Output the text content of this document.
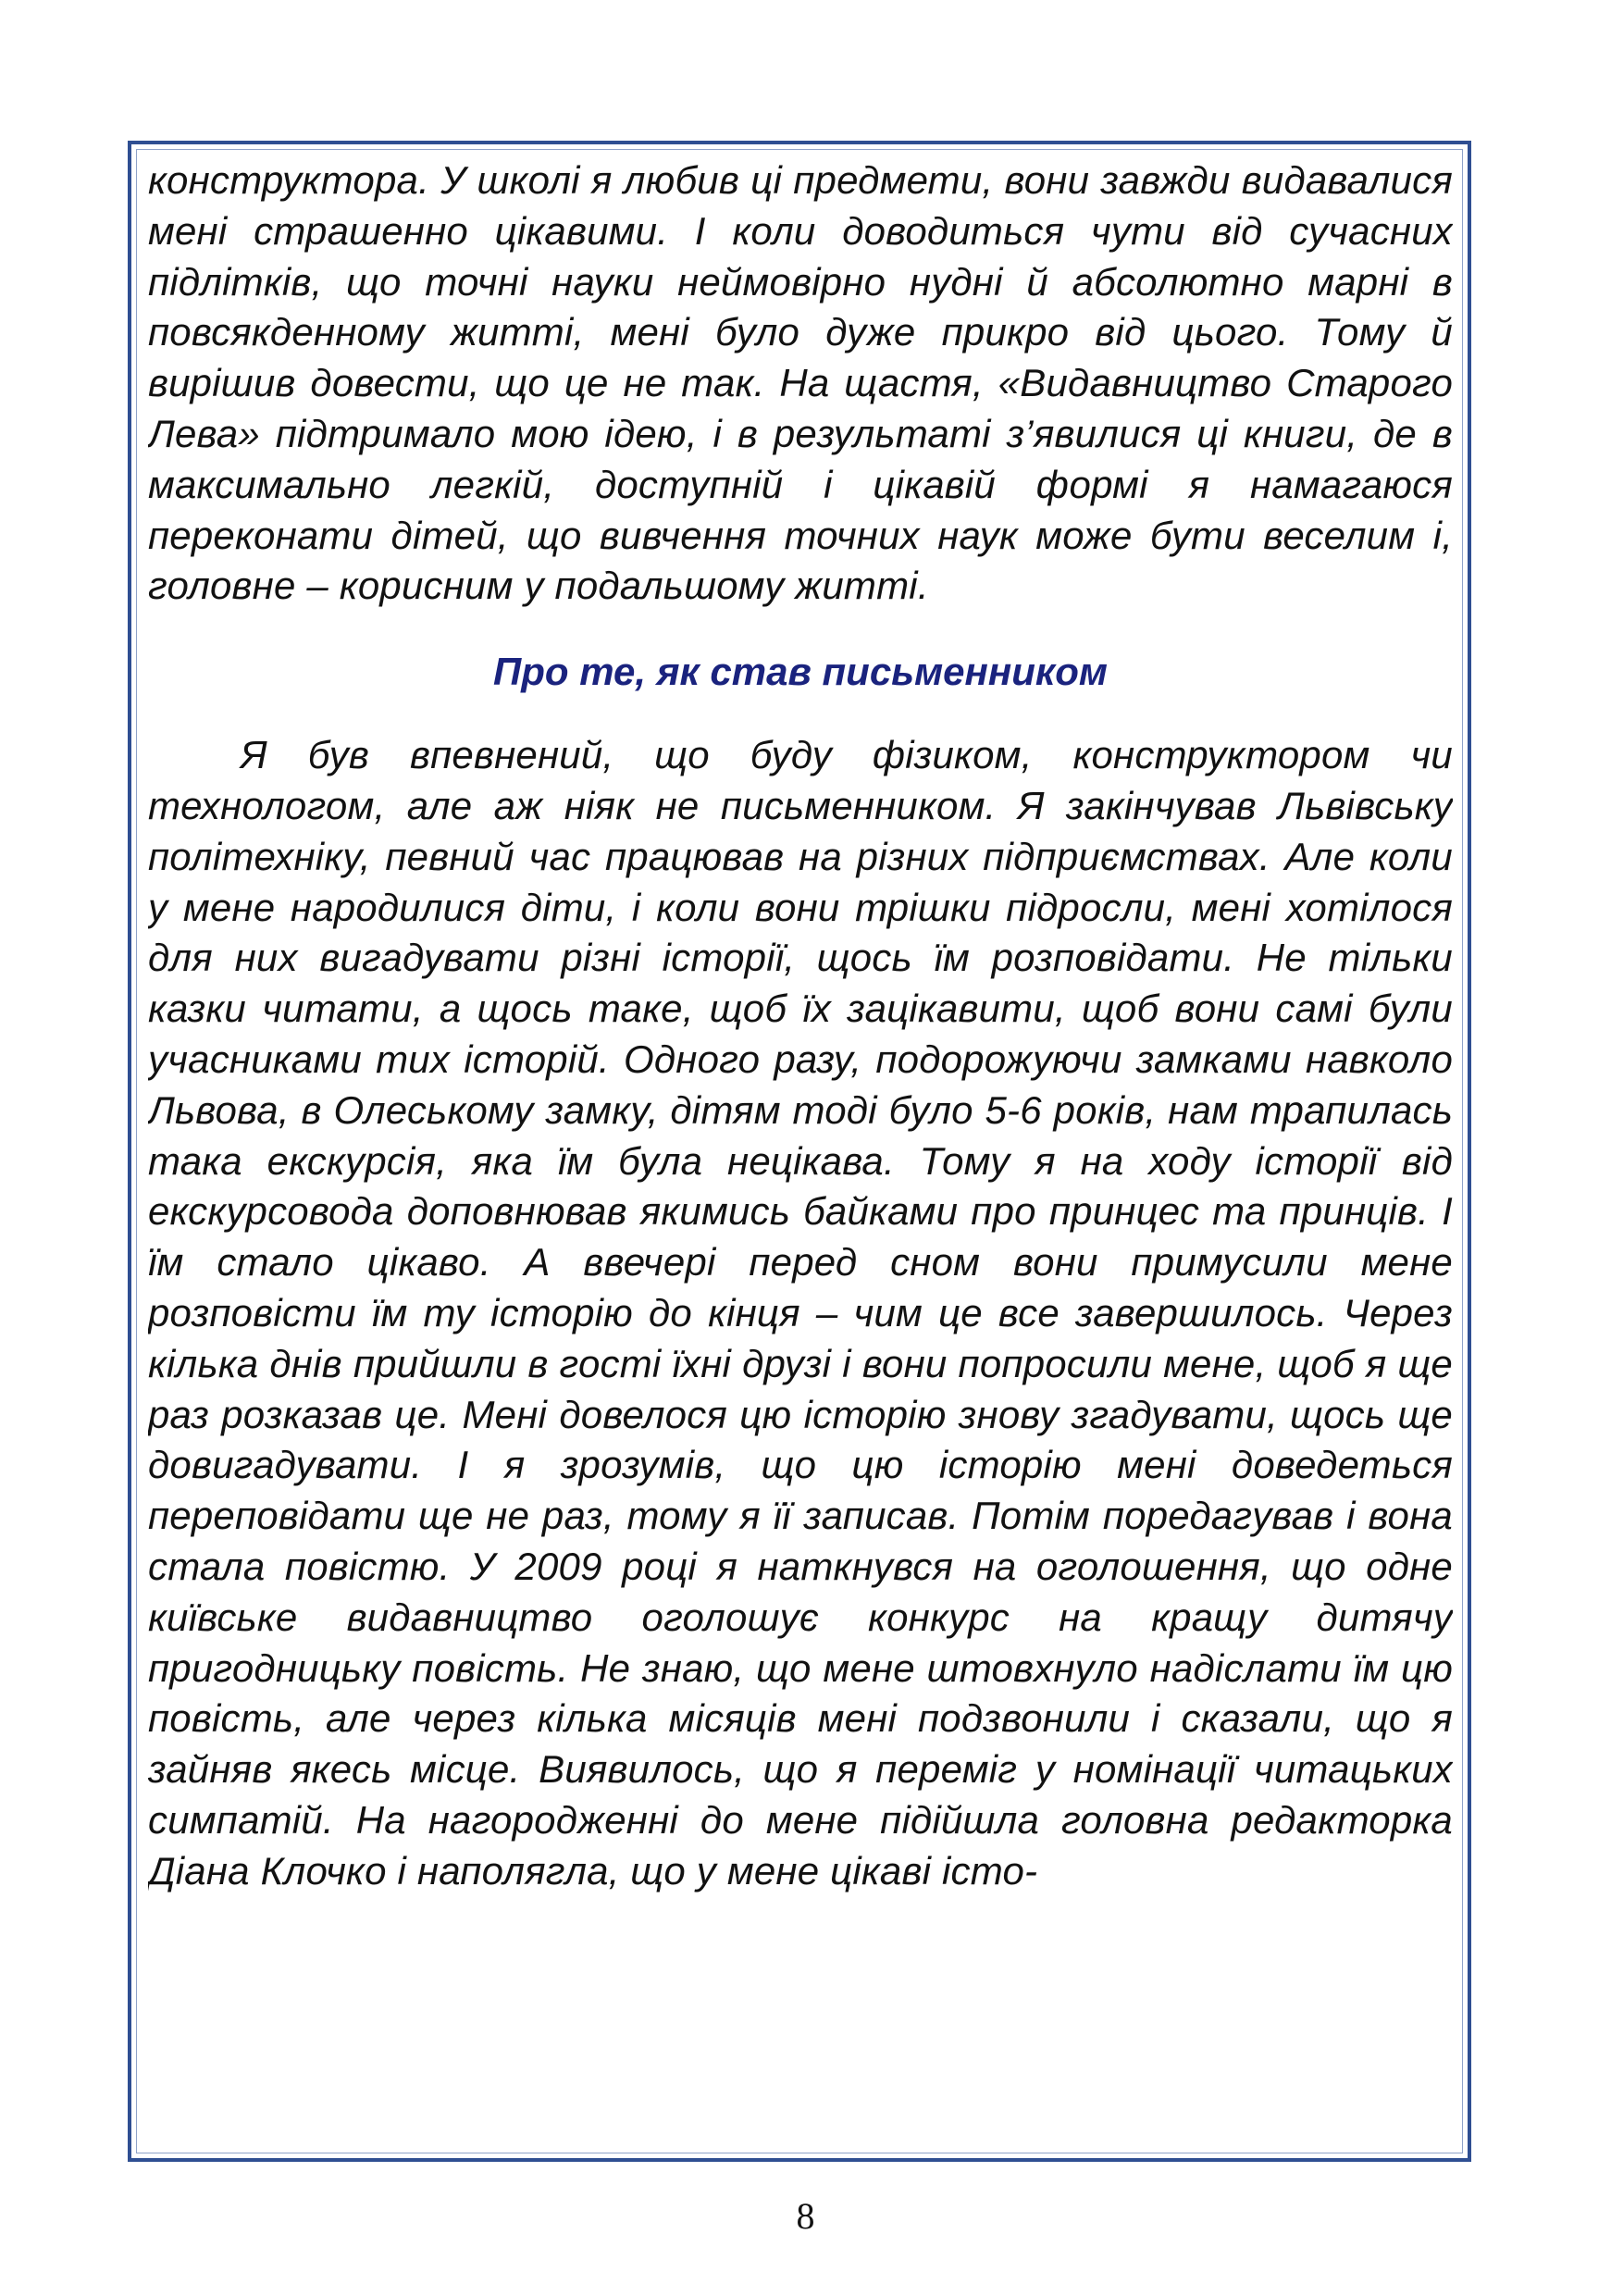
конструктора. У школі я любив ці предмети, вони завжди видавалися мені страшенно цікавими. І коли доводиться чути від сучасних підлітків, що точні науки неймовірно нудні й абсолютно марні в повсякденному житті, мені було дуже прикро від цього. Тому й вирішив довести, що це не так. На щастя, «Видавництво Старого Лева» підтримало мою ідею, і в результаті з’явилися ці книги, де в максимально легкій, доступній і цікавій формі я намагаюся переконати дітей, що вивчення точних наук може бути веселим і, головне – корисним у подальшому житті.

Про те, як став письменником

Я був впевнений, що буду фізиком, конструктором чи технологом, але аж ніяк не письменником. Я закінчував Львівську політехніку, певний час працював на різних підприємствах. Але коли у мене народилися діти, і коли вони трішки підросли, мені хотілося для них вигадувати різні історії, щось їм розповідати. Не тільки казки читати, а щось таке, щоб їх зацікавити, щоб вони самі були учасниками тих історій. Одного разу, подорожуючи замками навколо Львова, в Олеському замку, дітям тоді було 5-6 років, нам трапилась така екскурсія, яка їм була нецікава. Тому я на ходу історії від екскурсовода доповнював якимись байками про принцес та принців. І їм стало цікаво. А ввечері перед сном вони примусили мене розповісти їм ту історію до кінця – чим це все завершилось. Через кілька днів прийшли в гості їхні друзі і вони попросили мене, щоб я ще раз розказав це. Мені довелося цю історію знову згадувати, щось ще довигадувати. І я зрозумів, що цю історію мені доведеться переповідати ще не раз, тому я її записав. Потім поредагував і вона стала повістю. У 2009 році я наткнувся на оголошення, що одне київське видавництво оголошує конкурс на кращу дитячу пригодницьку повість. Не знаю, що мене штовхнуло надіслати їм цю повість, але через кілька місяців мені подзвонили і сказали, що я зайняв якесь місце. Виявилось, що я переміг у номінації читацьких симпатій. На нагородженні до мене підійшла головна редакторка Діана Клочко і наполягла, що у мене цікаві істо-

8
